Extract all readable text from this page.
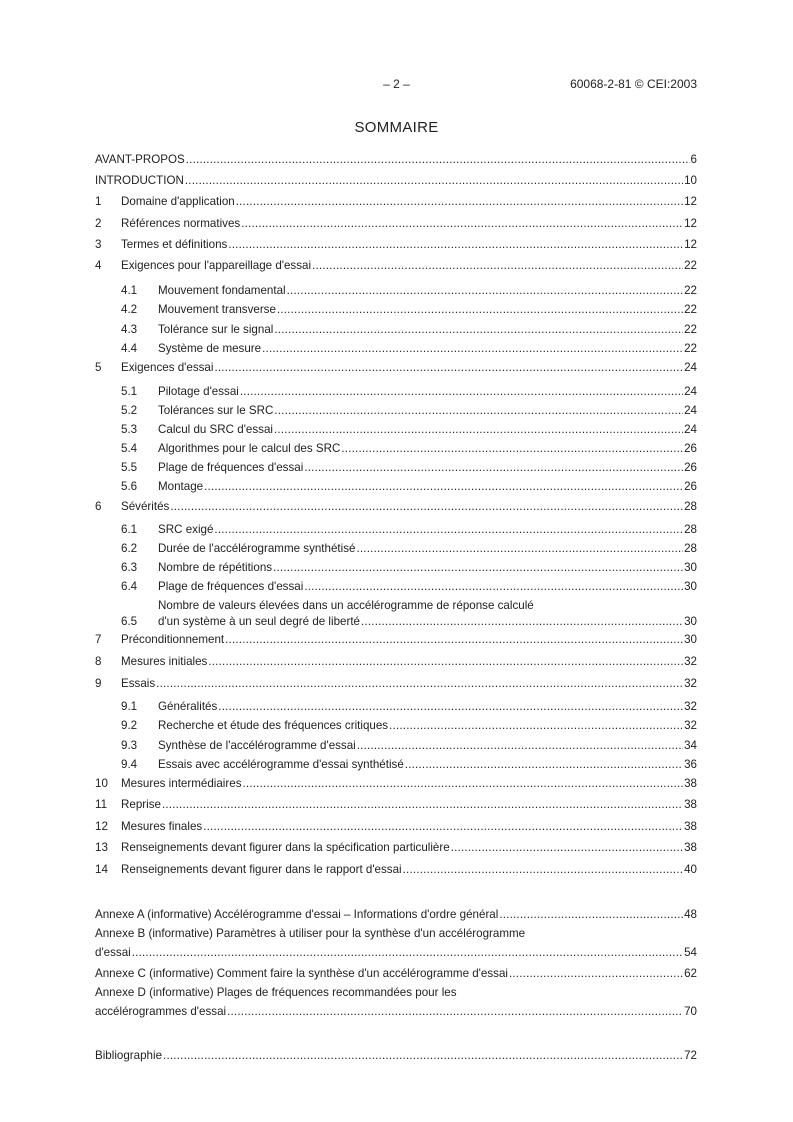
– 2 –	60068-2-81 © CEI:2003
SOMMAIRE
AVANT-PROPOS .....	6
INTRODUCTION .....	10
1	Domaine d'application .....	12
2	Références normatives .....	12
3	Termes et définitions .....	12
4	Exigences pour l'appareillage d'essai .....	22
4.1	Mouvement fondamental .....	22
4.2	Mouvement transverse .....	22
4.3	Tolérance sur le signal .....	22
4.4	Système de mesure .....	22
5	Exigences d'essai .....	24
5.1	Pilotage d'essai .....	24
5.2	Tolérances sur le SRC .....	24
5.3	Calcul du SRC d'essai .....	24
5.4	Algorithmes pour le calcul des SRC .....	26
5.5	Plage de fréquences d'essai .....	26
5.6	Montage .....	26
6	Sévérités .....	28
6.1	SRC exigé .....	28
6.2	Durée de l'accélérogramme synthétisé .....	28
6.3	Nombre de répétitions .....	30
6.4	Plage de fréquences d'essai .....	30
Nombre de valeurs élevées dans un accélérogramme de réponse calculé
6.5	d'un système à un seul degré de liberté .....	30
7	Préconditionnement .....	30
8	Mesures initiales .....	32
9	Essais .....	32
9.1	Généralités .....	32
9.2	Recherche et étude des fréquences critiques .....	32
9.3	Synthèse de l'accélérogramme d'essai .....	34
9.4	Essais avec accélérogramme d'essai synthétisé .....	36
10	Mesures intermédiaires .....	38
11	Reprise .....	38
12	Mesures finales .....	38
13	Renseignements devant figurer dans la spécification particulière .....	38
14	Renseignements devant figurer dans le rapport d'essai .....	40
Annexe A (informative) Accélérogramme d'essai – Informations d'ordre général .....	48
Annexe B (informative) Paramètres à utiliser pour la synthèse d'un accélérogramme
d'essai .....	54
Annexe C (informative) Comment faire la synthèse d'un accélérogramme d'essai .....	62
Annexe D (informative) Plages de fréquences recommandées pour les
accélérogrammes d'essai .....	70
Bibliographie .....	72
